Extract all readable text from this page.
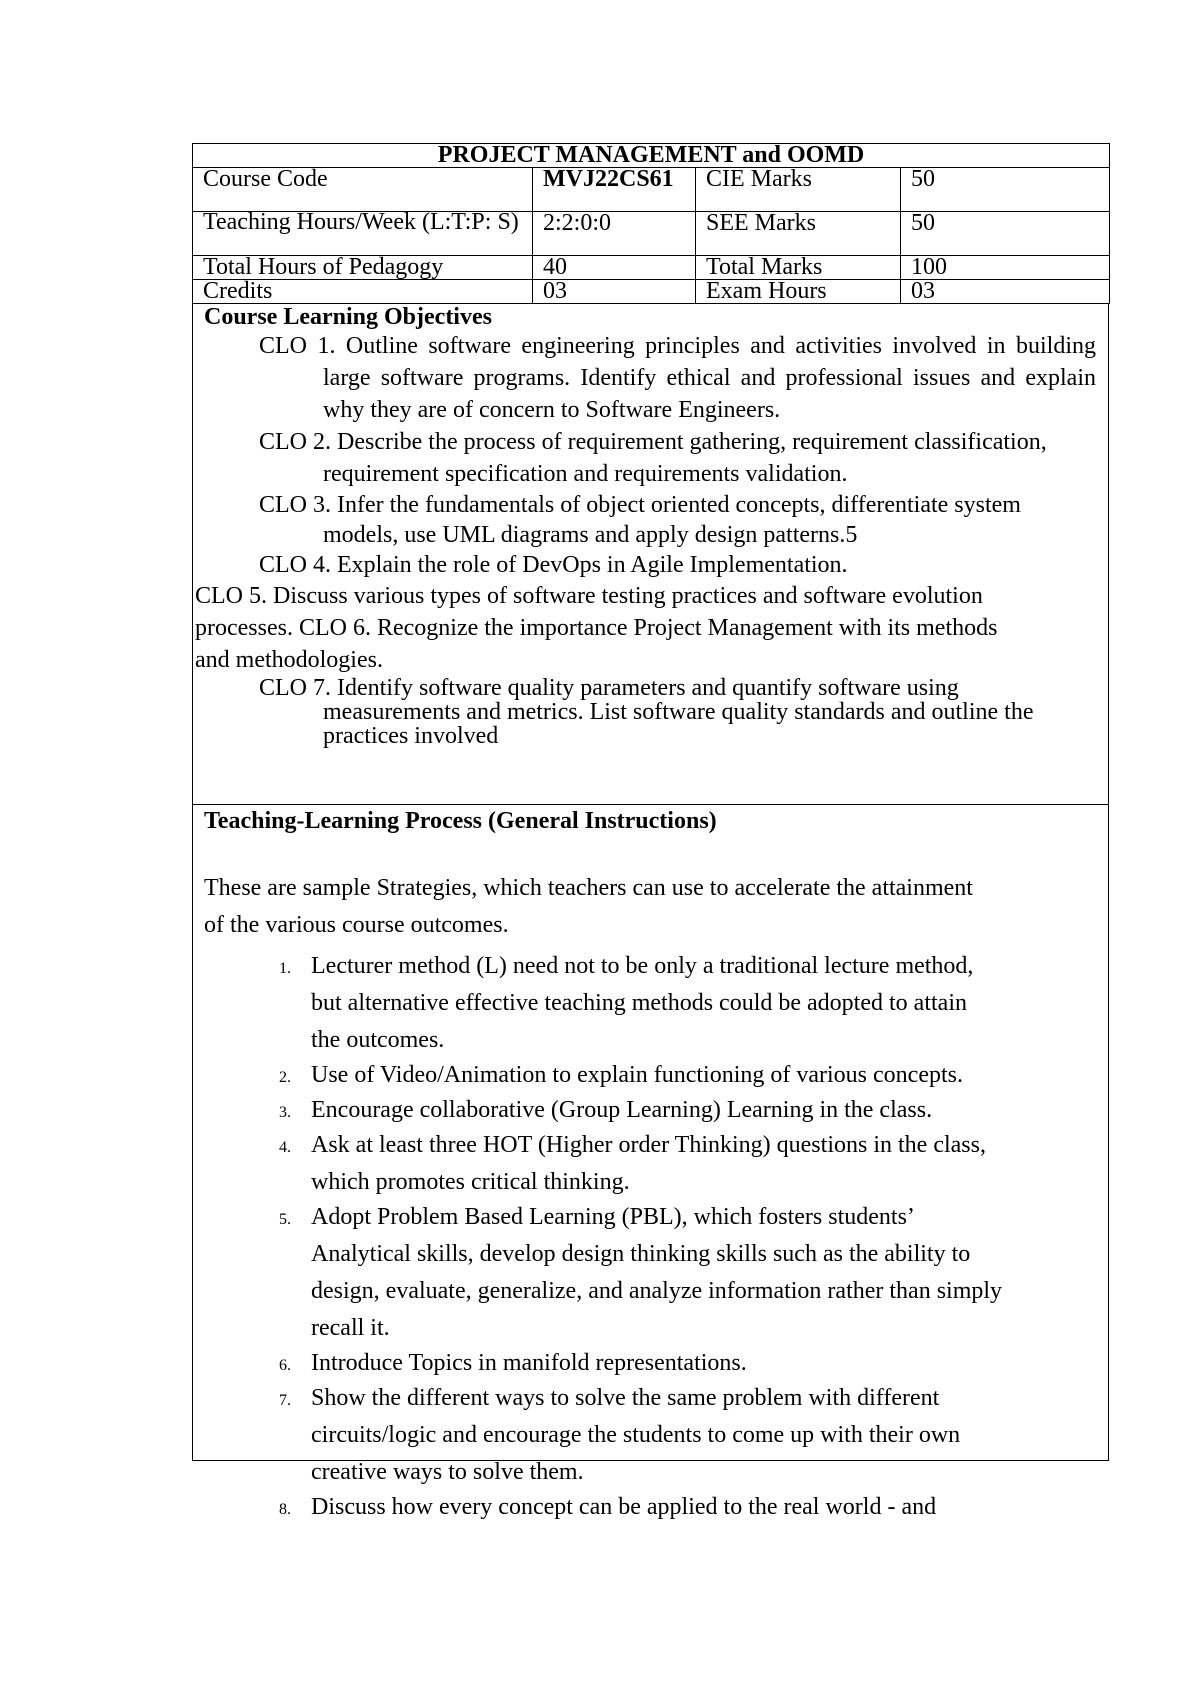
PROJECT MANAGEMENT and OOMD			
Course Code	MVJ22CS61	CIE Marks	50
Teaching Hours/Week (L:T:P: S)	2:2:0:0	SEE Marks	50
Total Hours of Pedagogy	40	Total Marks	100
Credits	03	Exam Hours	03
Course Learning Objectives

CLO 1. Outline software engineering principles and activities involved in building large software programs. Identify ethical and professional issues and explain why they are of concern to Software Engineers.

CLO 2. Describe the process of requirement gathering, requirement classification, requirement specification and requirements validation.

CLO 3. Infer the fundamentals of object oriented concepts, differentiate system models, use UML diagrams and apply design patterns.5

CLO 4. Explain the role of DevOps in Agile Implementation.

CLO 5. Discuss various types of software testing practices and software evolution processes. CLO 6. Recognize the importance Project Management with its methods and methodologies.

CLO 7. Identify software quality parameters and quantify software using measurements and metrics. List software quality standards and outline the practices involved

Teaching-Learning Process (General Instructions)

These are sample Strategies, which teachers can use to accelerate the attainment of the various course outcomes.

1. Lecturer method (L) need not to be only a traditional lecture method, but alternative effective teaching methods could be adopted to attain the outcomes.
2. Use of Video/Animation to explain functioning of various concepts.
3. Encourage collaborative (Group Learning) Learning in the class.
4. Ask at least three HOT (Higher order Thinking) questions in the class, which promotes critical thinking.
5. Adopt Problem Based Learning (PBL), which fosters students’ Analytical skills, develop design thinking skills such as the ability to design, evaluate, generalize, and analyze information rather than simply recall it.
6. Introduce Topics in manifold representations.
7. Show the different ways to solve the same problem with different circuits/logic and encourage the students to come up with their own creative ways to solve them.
8. Discuss how every concept can be applied to the real world - and
